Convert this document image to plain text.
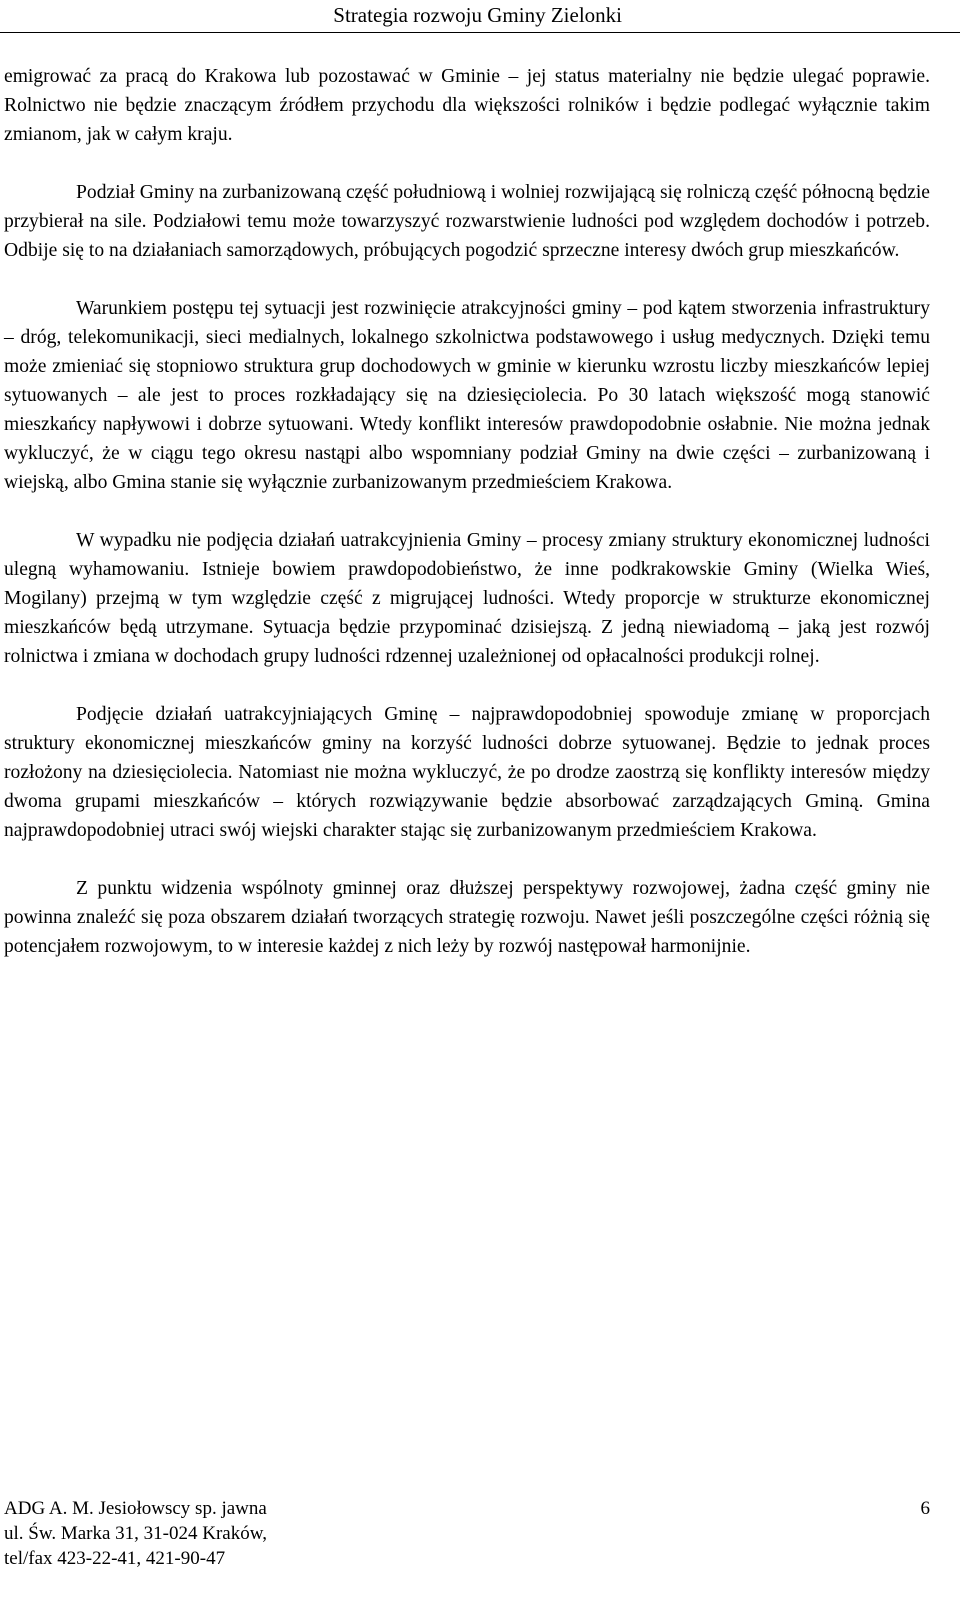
Strategia rozwoju Gminy Zielonki

emigrować za pracą do Krakowa lub pozostawać w Gminie – jej status materialny nie będzie ulegać poprawie. Rolnictwo nie będzie znaczącym źródłem przychodu dla większości rolników i będzie podlegać wyłącznie takim zmianom, jak w całym kraju.

Podział Gminy na zurbanizowaną część południową i wolniej rozwijającą się rolniczą część północną będzie przybierał na sile. Podziałowi temu może towarzyszyć rozwarstwienie ludności pod względem dochodów i potrzeb. Odbije się to na działaniach samorządowych, próbujących pogodzić sprzeczne interesy dwóch grup mieszkańców.

Warunkiem postępu tej sytuacji jest rozwinięcie atrakcyjności gminy – pod kątem stworzenia infrastruktury – dróg, telekomunikacji, sieci medialnych, lokalnego szkolnictwa podstawowego i usług medycznych. Dzięki temu może zmieniać się stopniowo struktura grup dochodowych w gminie w kierunku wzrostu liczby mieszkańców lepiej sytuowanych – ale jest to proces rozkładający się na dziesięciolecia. Po 30 latach większość mogą stanowić mieszkańcy napływowi i dobrze sytuowani. Wtedy konflikt interesów prawdopodobnie osłabnie. Nie można jednak wykluczyć, że w ciągu tego okresu nastąpi albo wspomniany podział Gminy na dwie części – zurbanizowaną i wiejską, albo Gmina stanie się wyłącznie zurbanizowanym przedmieściem Krakowa.

W wypadku nie podjęcia działań uatrakcyjnienia Gminy – procesy zmiany struktury ekonomicznej ludności ulegną wyhamowaniu. Istnieje bowiem prawdopodobieństwo, że inne podkrakowskie Gminy (Wielka Wieś, Mogilany) przejmą w tym względzie część z migrującej ludności. Wtedy proporcje w strukturze ekonomicznej mieszkańców będą utrzymane. Sytuacja będzie przypominać dzisiejszą. Z jedną niewiadomą – jaką jest rozwój rolnictwa i zmiana w dochodach grupy ludności rdzennej uzależnionej od opłacalności produkcji rolnej.

Podjęcie działań uatrakcyjniających Gminę – najprawdopodobniej spowoduje zmianę w proporcjach struktury ekonomicznej mieszkańców gminy na korzyść ludności dobrze sytuowanej. Będzie to jednak proces rozłożony na dziesięciolecia. Natomiast nie można wykluczyć, że po drodze zaostrzą się konflikty interesów między dwoma grupami mieszkańców – których rozwiązywanie będzie absorbować zarządzających Gminą. Gmina najprawdopodobniej utraci swój wiejski charakter stając się zurbanizowanym przedmieściem Krakowa.

Z punktu widzenia wspólnoty gminnej oraz dłuższej perspektywy rozwojowej, żadna część gminy nie powinna znaleźć się poza obszarem działań tworzących strategię rozwoju. Nawet jeśli poszczególne części różnią się potencjałem rozwojowym, to w interesie każdej z nich leży by rozwój następował harmonijnie.

ADG A. M. Jesiołowscy sp. jawna
ul. Św. Marka 31, 31-024 Kraków,
tel/fax 423-22-41, 421-90-47
6
